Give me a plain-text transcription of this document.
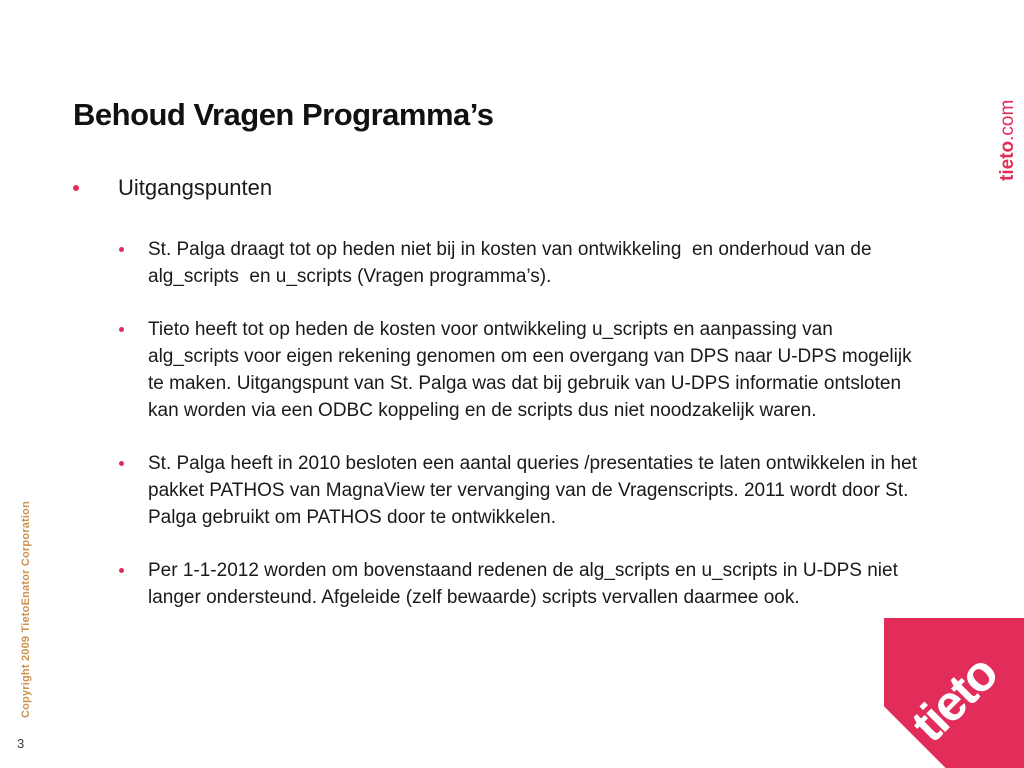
Behoud Vragen Programma’s
tieto.com
Uitgangspunten
St. Palga draagt tot op heden niet bij in kosten van ontwikkeling  en onderhoud van de alg_scripts  en u_scripts (Vragen programma’s).
Tieto heeft tot op heden de kosten voor ontwikkeling u_scripts en aanpassing van alg_scripts voor eigen rekening genomen om een overgang van DPS naar U-DPS mogelijk te maken. Uitgangspunt van St. Palga was dat bij gebruik van U-DPS informatie ontsloten kan worden via een ODBC koppeling en de scripts dus niet noodzakelijk waren.
St. Palga heeft in 2010 besloten een aantal queries /presentaties te laten ontwikkelen in het pakket PATHOS van MagnaView ter vervanging van de Vragenscripts. 2011 wordt door St. Palga gebruikt om PATHOS door te ontwikkelen.
Per 1-1-2012 worden om bovenstaand redenen de alg_scripts en u_scripts in U-DPS niet langer ondersteund. Afgeleide (zelf bewaarde) scripts vervallen daarmee ook.
Copyright 2009 TietoEnator Corporation
3	tieto
